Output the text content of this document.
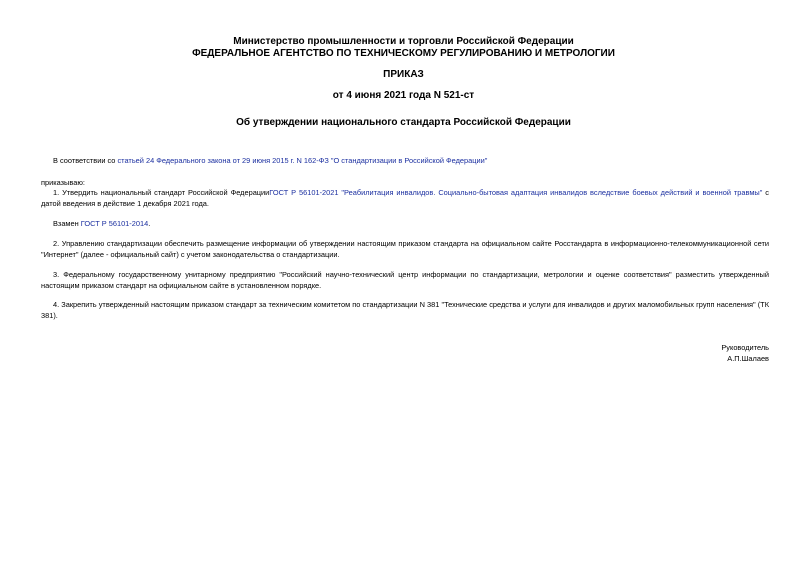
Министерство промышленности и торговли Российской Федерации
ФЕДЕРАЛЬНОЕ АГЕНТСТВО ПО ТЕХНИЧЕСКОМУ РЕГУЛИРОВАНИЮ И МЕТРОЛОГИИ
ПРИКАЗ
от 4 июня 2021 года N 521-ст
Об утверждении национального стандарта Российской Федерации
В соответствии со статьей 24 Федерального закона от 29 июня 2015 г. N 162-ФЗ "О стандартизации в Российской Федерации"
приказываю:
1. Утвердить национальный стандарт Российской ФедерацииГОСТ Р 56101-2021 "Реабилитация инвалидов. Социально-бытовая адаптация инвалидов вследствие боевых действий и военной травмы" с датой введения в действие 1 декабря 2021 года.
Взамен ГОСТ Р 56101-2014.
2. Управлению стандартизации обеспечить размещение информации об утверждении настоящим приказом стандарта на официальном сайте Росстандарта в информационно-телекоммуникационной сети "Интернет" (далее - официальный сайт) с учетом законодательства о стандартизации.
3. Федеральному государственному унитарному предприятию "Российский научно-технический центр информации по стандартизации, метрологии и оценке соответствия" разместить утвержденный настоящим приказом стандарт на официальном сайте в установленном порядке.
4. Закрепить утвержденный настоящим приказом стандарт за техническим комитетом по стандартизации N 381 "Технические средства и услуги для инвалидов и других маломобильных групп населения" (ТК 381).
Руководитель
А.П.Шалаев
